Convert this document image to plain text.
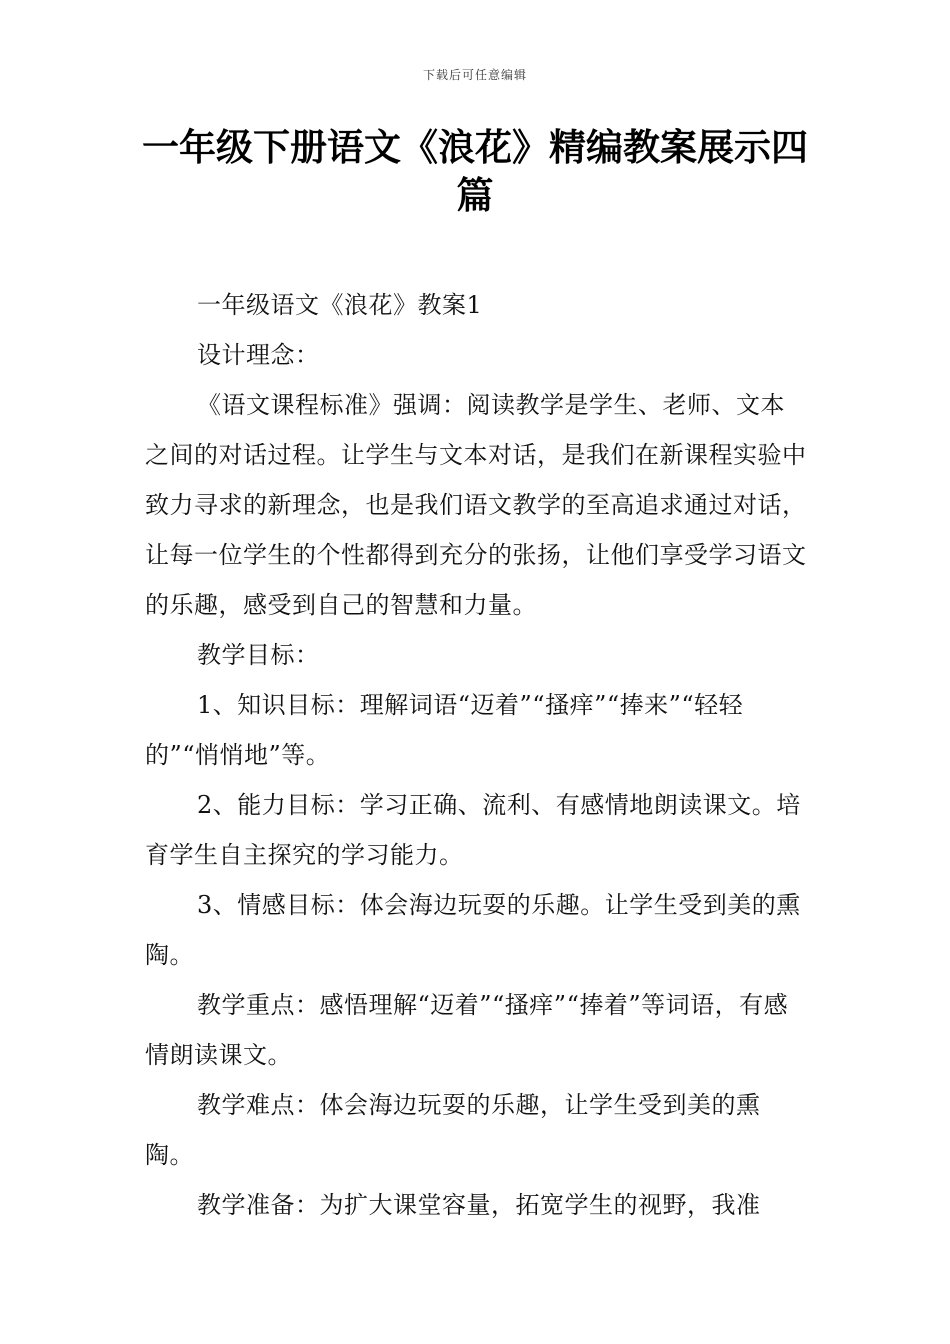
下载后可任意编辑
一年级下册语文《浪花》精编教案展示四篇

一年级语文《浪花》教案1

设计理念：

《语文课程标准》强调：阅读教学是学生、老师、文本之间的对话过程。让学生与文本对话，是我们在新课程实验中致力寻求的新理念，也是我们语文教学的至高追求通过对话，让每一位学生的个性都得到充分的张扬，让他们享受学习语文的乐趣，感受到自己的智慧和力量。

教学目标：

1、知识目标：理解词语“迈着”“搔痒”“捧来”“轻轻的”“悄悄地”等。

2、能力目标：学习正确、流利、有感情地朗读课文。培育学生自主探究的学习能力。

3、情感目标：体会海边玩耍的乐趣。让学生受到美的熏陶。

教学重点：感悟理解“迈着”“搔痒”“捧着”等词语，有感情朗读课文。

教学难点：体会海边玩耍的乐趣，让学生受到美的熏陶。

教学准备：为扩大课堂容量，拓宽学生的视野，我准
